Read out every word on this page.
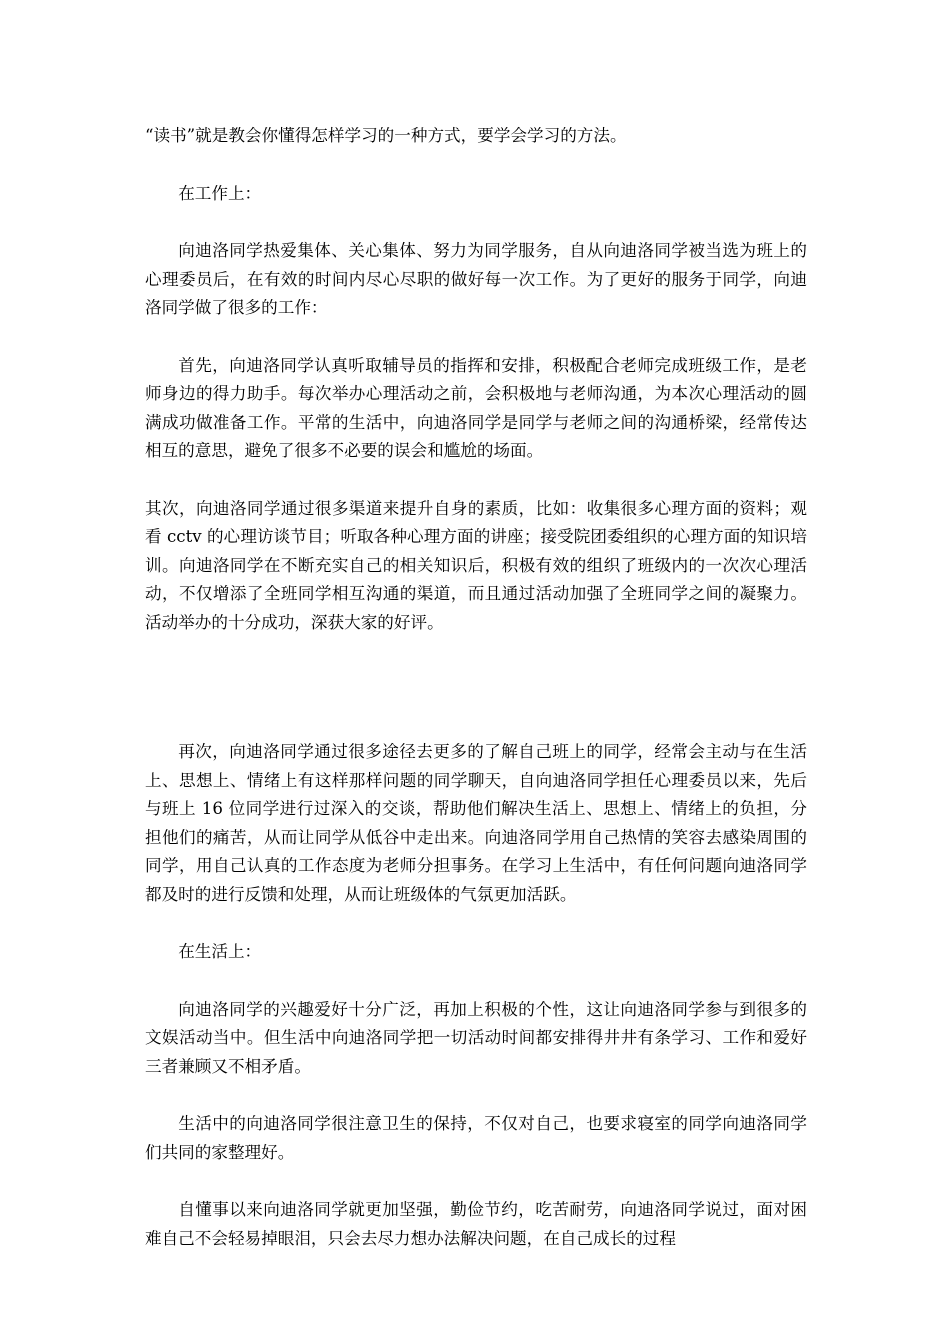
“读书”就是教会你懂得怎样学习的一种方式，要学会学习的方法。

在工作上：

向迪洛同学热爱集体、关心集体、努力为同学服务，自从向迪洛同学被当选为班上的心理委员后，在有效的时间内尽心尽职的做好每一次工作。为了更好的服务于同学，向迪洛同学做了很多的工作：

首先，向迪洛同学认真听取辅导员的指挥和安排，积极配合老师完成班级工作，是老师身边的得力助手。每次举办心理活动之前，会积极地与老师沟通，为本次心理活动的圆满成功做准备工作。平常的生活中，向迪洛同学是同学与老师之间的沟通桥梁，经常传达相互的意思，避免了很多不必要的误会和尴尬的场面。

其次，向迪洛同学通过很多渠道来提升自身的素质，比如：收集很多心理方面的资料；观看 cctv 的心理访谈节目；听取各种心理方面的讲座；接受院团委组织的心理方面的知识培训。向迪洛同学在不断充实自己的相关知识后，积极有效的组织了班级内的一次次心理活动，不仅增添了全班同学相互沟通的渠道，而且通过活动加强了全班同学之间的凝聚力。活动举办的十分成功，深获大家的好评。

再次，向迪洛同学通过很多途径去更多的了解自己班上的同学，经常会主动与在生活上、思想上、情绪上有这样那样问题的同学聊天，自向迪洛同学担任心理委员以来，先后与班上 16 位同学进行过深入的交谈，帮助他们解决生活上、思想上、情绪上的负担，分担他们的痛苦，从而让同学从低谷中走出来。向迪洛同学用自己热情的笑容去感染周围的同学，用自己认真的工作态度为老师分担事务。在学习上生活中，有任何问题向迪洛同学都及时的进行反馈和处理，从而让班级体的气氛更加活跃。

在生活上：

向迪洛同学的兴趣爱好十分广泛，再加上积极的个性，这让向迪洛同学参与到很多的文娱活动当中。但生活中向迪洛同学把一切活动时间都安排得井井有条学习、工作和爱好三者兼顾又不相矛盾。

生活中的向迪洛同学很注意卫生的保持，不仅对自己，也要求寝室的同学向迪洛同学们共同的家整理好。

自懂事以来向迪洛同学就更加坚强，勤俭节约，吃苦耐劳，向迪洛同学说过，面对困难自己不会轻易掉眼泪，只会去尽力想办法解决问题，在自己成长的过程
